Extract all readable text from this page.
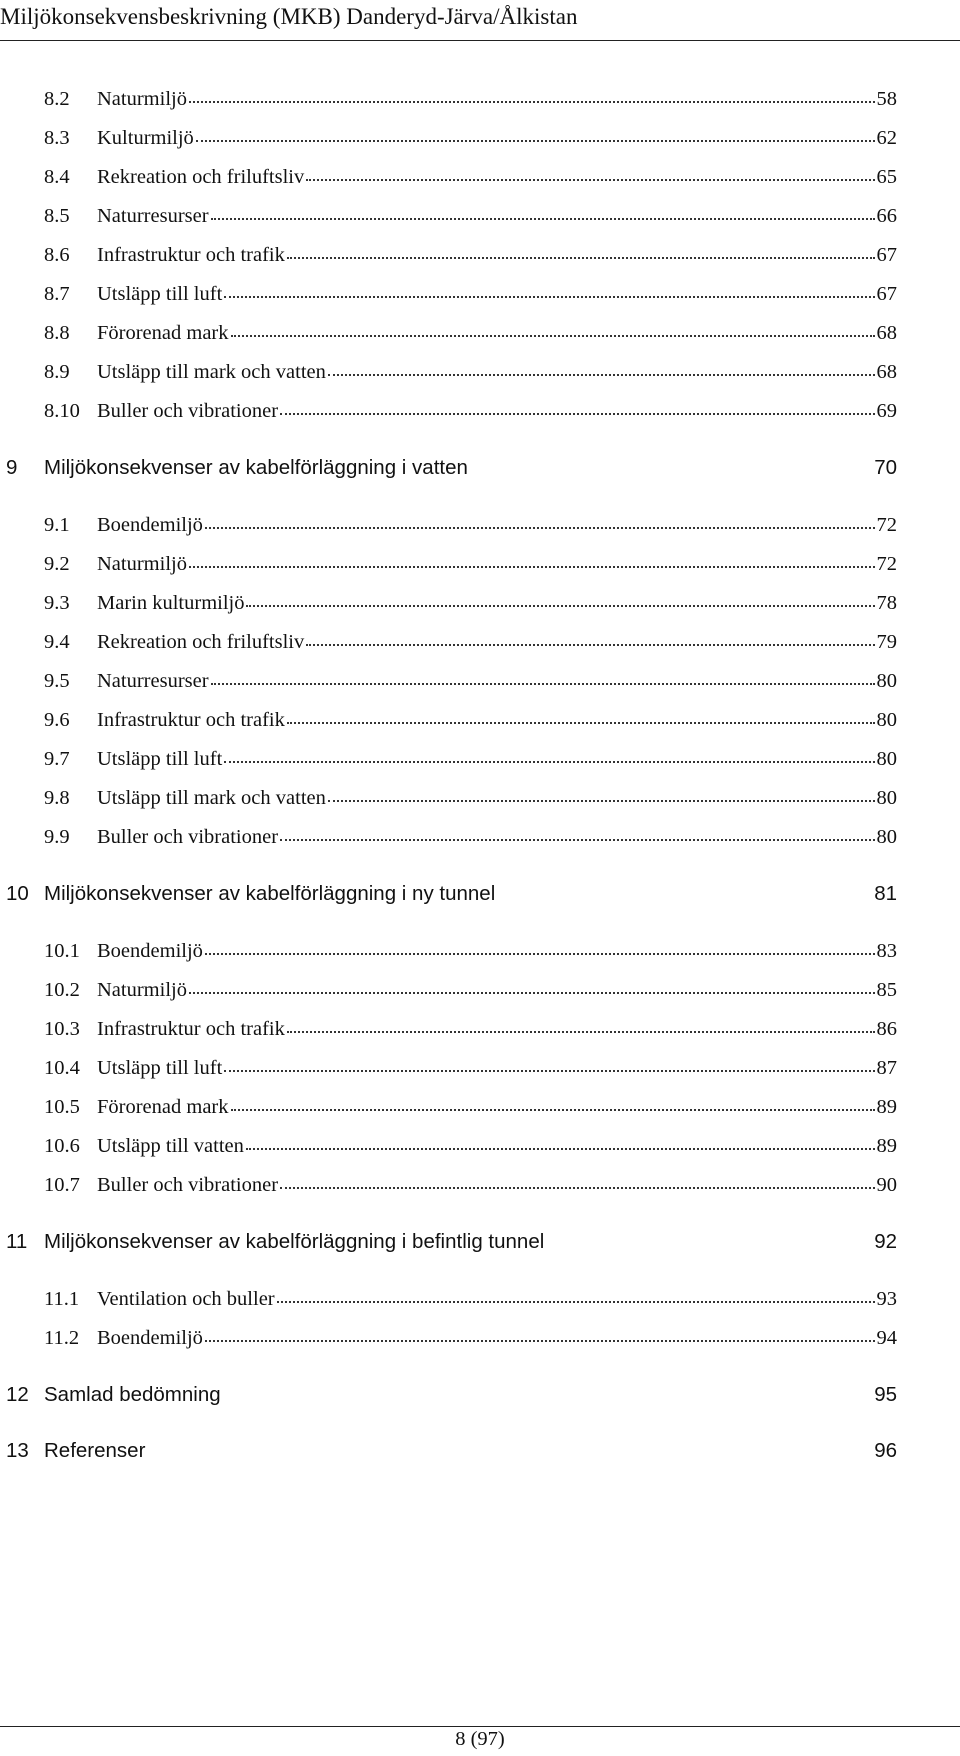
Miljökonsekvensbeskrivning (MKB) Danderyd-Järva/Ålkistan
8.2	Naturmiljö	58
8.3	Kulturmiljö	62
8.4	Rekreation och friluftsliv	65
8.5	Naturresurser	66
8.6	Infrastruktur och trafik	67
8.7	Utsläpp till luft	67
8.8	Förorenad mark	68
8.9	Utsläpp till mark och vatten	68
8.10 Buller och vibrationer	69
9	Miljökonsekvenser av kabelförläggning i vatten	70
9.1	Boendemiljö	72
9.2	Naturmiljö	72
9.3	Marin kulturmiljö	78
9.4	Rekreation och friluftsliv	79
9.5	Naturresurser	80
9.6	Infrastruktur och trafik	80
9.7	Utsläpp till luft	80
9.8	Utsläpp till mark och vatten	80
9.9	Buller och vibrationer	80
10 Miljökonsekvenser av kabelförläggning i ny tunnel	81
10.1 Boendemiljö	83
10.2 Naturmiljö	85
10.3 Infrastruktur och trafik	86
10.4 Utsläpp till luft	87
10.5 Förorenad mark	89
10.6 Utsläpp till vatten	89
10.7 Buller och vibrationer	90
11 Miljökonsekvenser av kabelförläggning i befintlig tunnel	92
11.1 Ventilation och buller	93
11.2 Boendemiljö	94
12 Samlad bedömning	95
13 Referenser	96
8 (97)
